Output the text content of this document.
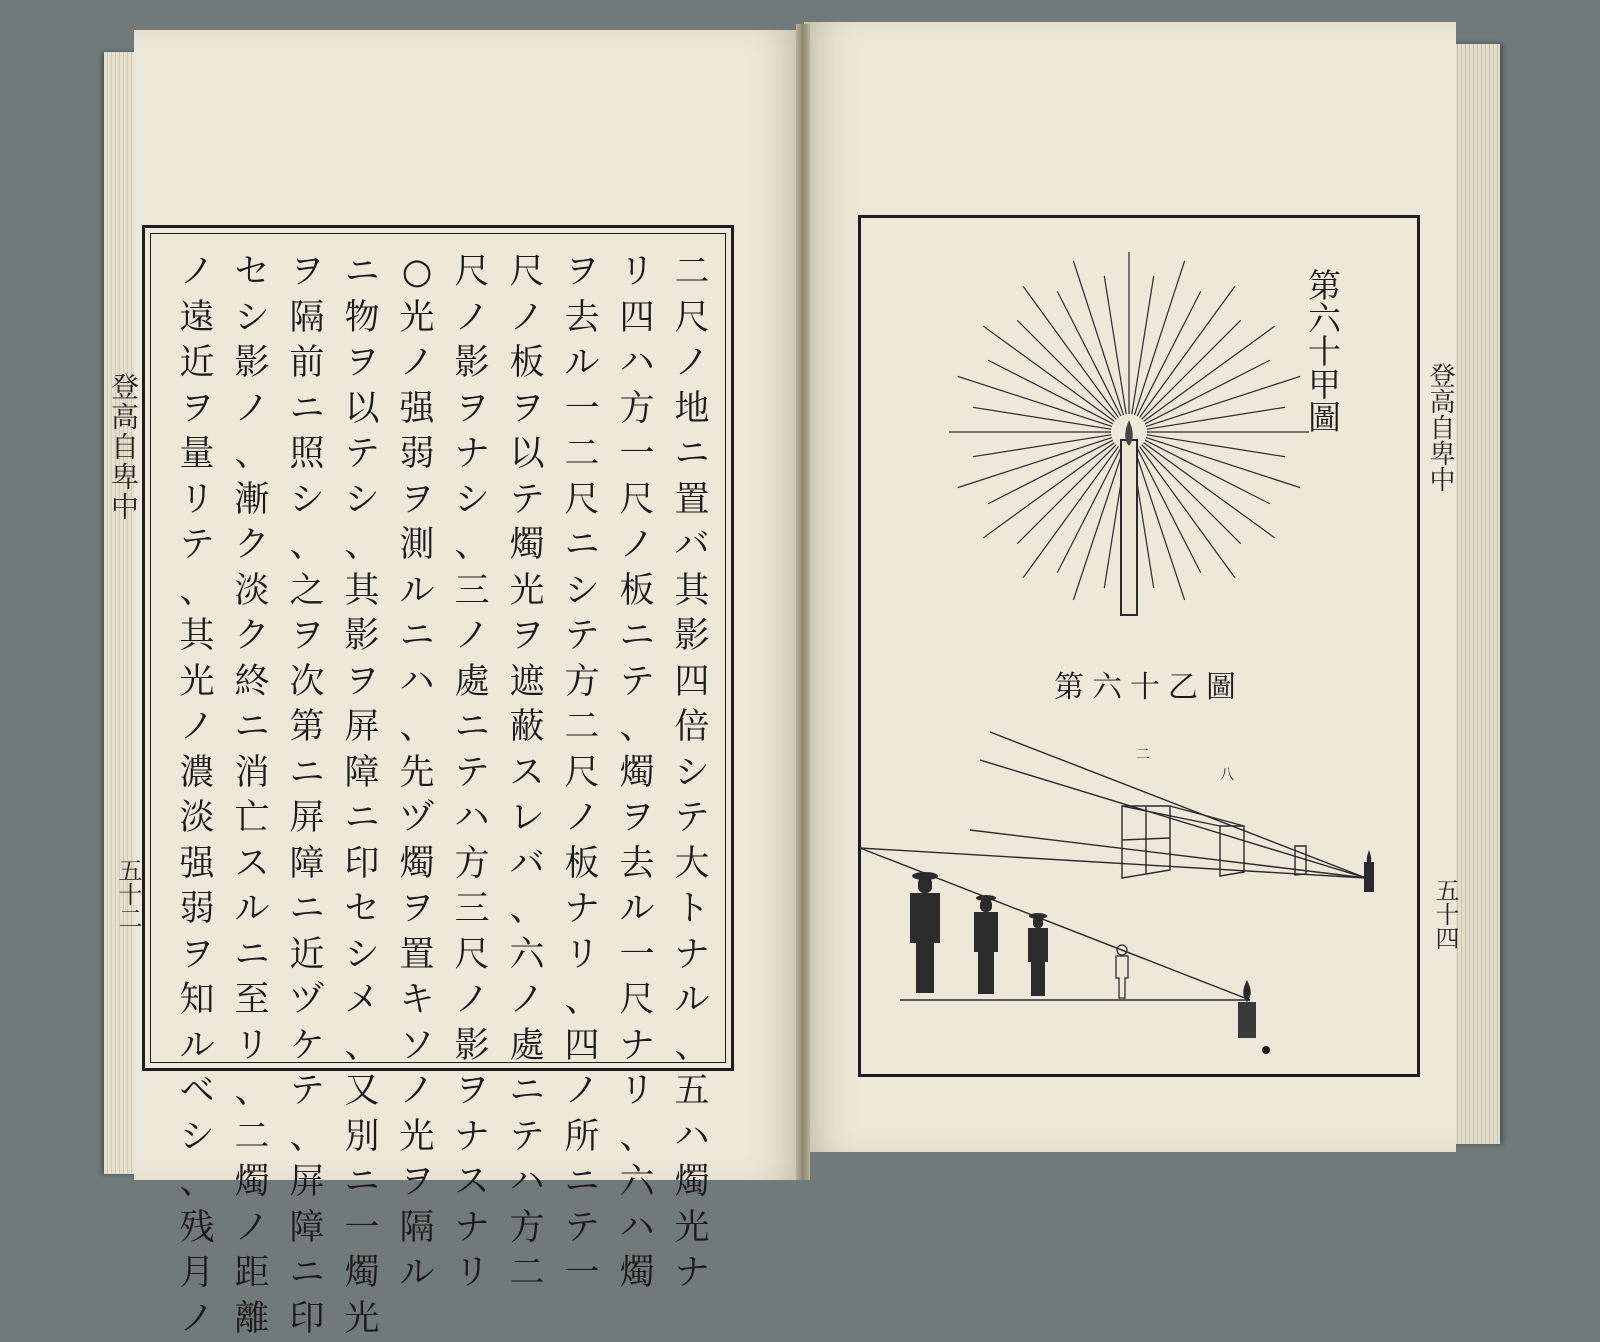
登高自卑中
五十二
二
尺
ノ
地
ニ
置
バ
其
影
四
倍
シ
テ
大
ト
ナ
ル
、
五
ハ
燭
光
ナ
リ
四
ハ
方
一
尺
ノ
板
ニ
テ
、
燭
ヲ
去
ル
一
尺
ナ
リ
、
六
ハ
燭
ヲ
去
ル
一
二
尺
ニ
シ
テ
方
二
尺
ノ
板
ナ
リ
、
四
ノ
所
ニ
テ
一
尺
ノ
板
ヲ
以
テ
燭
光
ヲ
遮
蔽
ス
レ
バ
、
六
ノ
處
ニ
テ
ハ
方
二
尺
ノ
影
ヲ
ナ
シ
、
三
ノ
處
ニ
テ
ハ
方
三
尺
ノ
影
ヲ
ナ
ス
ナ
リ
○
光
ノ
强
弱
ヲ
測
ル
ニ
ハ
、
先
ヅ
燭
ヲ
置
キ
ソ
ノ
光
ヲ
隔
ル
ニ
物
ヲ
以
テ
シ
、
其
影
ヲ
屏
障
ニ
印
セ
シ
メ
、
又
別
ニ
一
燭
光
ヲ
隔
前
ニ
照
シ
、
之
ヲ
次
第
ニ
屏
障
ニ
近
ヅ
ケ
テ
、
屏
障
ニ
印
セ
シ
影
ノ
、
漸
ク
淡
ク
終
ニ
消
亡
ス
ル
ニ
至
リ
、
二
燭
ノ
距
離
ノ
遠
近
ヲ
量
リ
テ
、
其
光
ノ
濃
淡
强
弱
ヲ
知
ル
ベ
シ
、
残
月
ノ
第六十甲圖
第六十乙圖
二
八
登高自卑中
五十四
